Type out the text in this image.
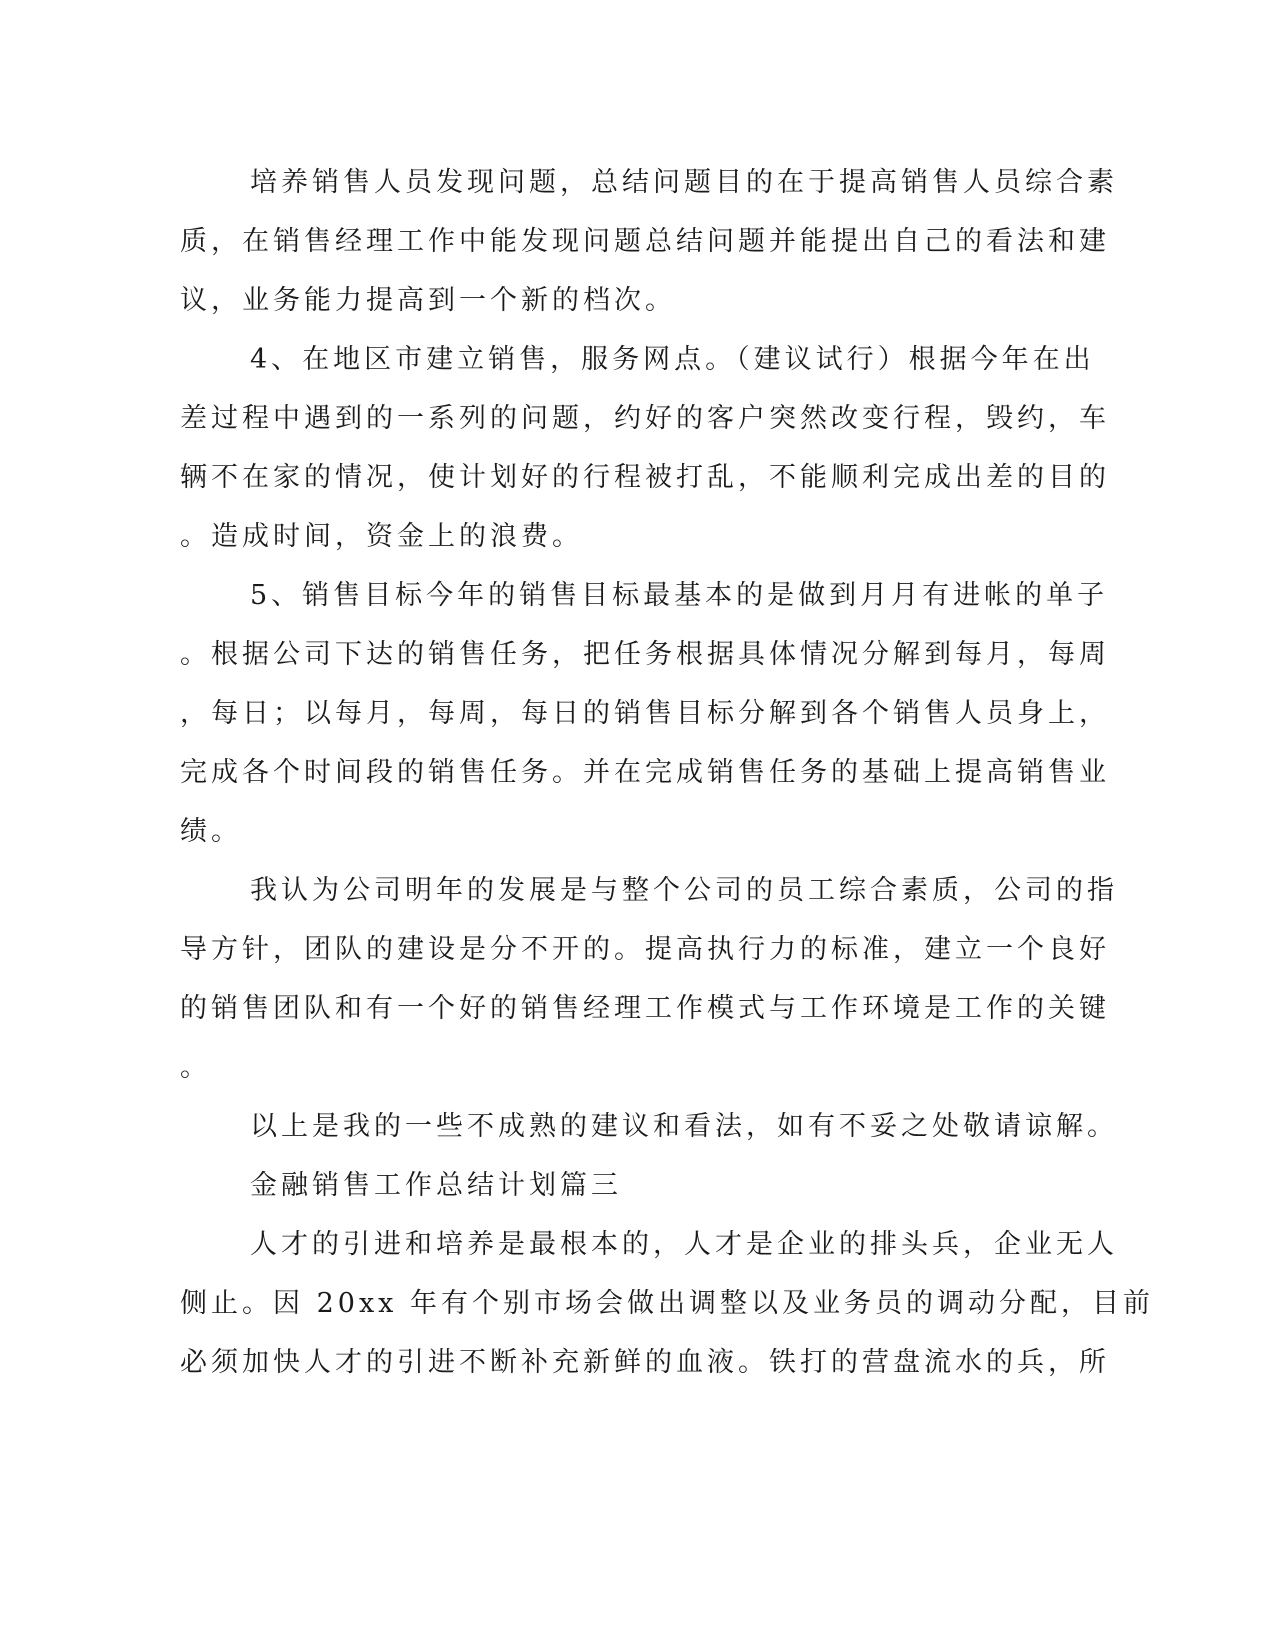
培养销售人员发现问题，总结问题目的在于提高销售人员综合素
质，在销售经理工作中能发现问题总结问题并能提出自己的看法和建
议，业务能力提高到一个新的档次。
4、在地区市建立销售，服务网点。（建议试行）根据今年在出
差过程中遇到的一系列的问题，约好的客户突然改变行程，毁约，车
辆不在家的情况，使计划好的行程被打乱，不能顺利完成出差的目的
。造成时间，资金上的浪费。
5、销售目标今年的销售目标最基本的是做到月月有进帐的单子
。根据公司下达的销售任务，把任务根据具体情况分解到每月，每周
，每日；以每月，每周，每日的销售目标分解到各个销售人员身上，
完成各个时间段的销售任务。并在完成销售任务的基础上提高销售业
绩。
我认为公司明年的发展是与整个公司的员工综合素质，公司的指
导方针，团队的建设是分不开的。提高执行力的标准，建立一个良好
的销售团队和有一个好的销售经理工作模式与工作环境是工作的关键
。
以上是我的一些不成熟的建议和看法，如有不妥之处敬请谅解。
金融销售工作总结计划篇三
人才的引进和培养是最根本的，人才是企业的排头兵，企业无人
侧止。因 20xx 年有个别市场会做出调整以及业务员的调动分配，目前
必须加快人才的引进不断补充新鲜的血液。铁打的营盘流水的兵，所
